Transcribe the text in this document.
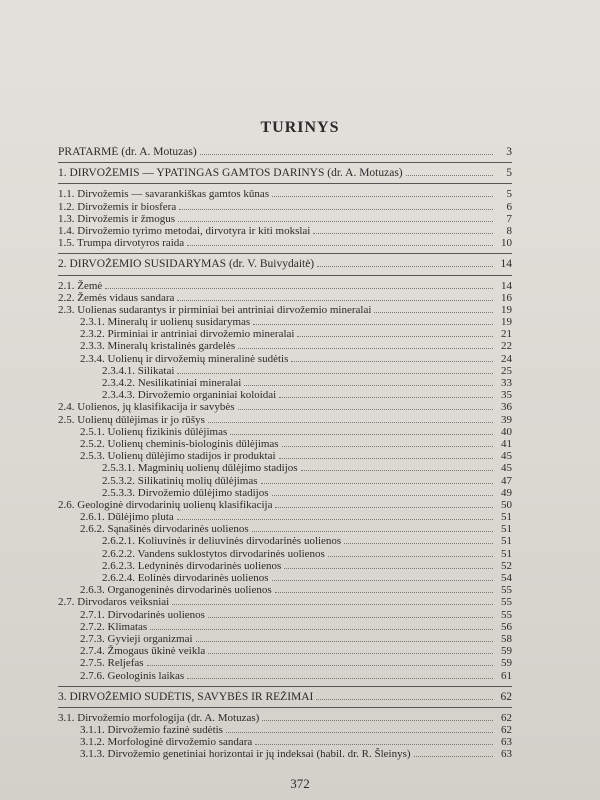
TURINYS
PRATARMĖ (dr. A. Motuzas)	3
1. DIRVOŽEMIS — YPATINGAS GAMTOS DARINYS (dr. A. Motuzas)	5
1.1. Dirvožemis — savarankiškas gamtos kūnas	5
1.2. Dirvožemis ir biosfera	6
1.3. Dirvožemis ir žmogus	7
1.4. Dirvožemio tyrimo metodai, dirvotyra ir kiti mokslai	8
1.5. Trumpa dirvotyros raida	10
2. DIRVOŽEMIO SUSIDARYMAS (dr. V. Buivydaitė)	14
2.1. Žemė	14
2.2. Žemės vidaus sandara	16
2.3. Uolienas sudarantys ir pirminiai bei antriniai dirvožemio mineralai	19
2.3.1. Mineralų ir uolienų susidarymas	19
2.3.2. Pirminiai ir antriniai dirvožemio mineralai	21
2.3.3. Mineralų kristalinės gardelės	22
2.3.4. Uolienų ir dirvožemių mineralinė sudėtis	24
2.3.4.1. Silikatai	25
2.3.4.2. Nesilikatiniai mineralai	33
2.3.4.3. Dirvožemio organiniai koloidai	35
2.4. Uolienos, jų klasifikacija ir savybės	36
2.5. Uolienų dūlėjimas ir jo rūšys	39
2.5.1. Uolienų fizikinis dūlėjimas	40
2.5.2. Uolienų cheminis-biologinis dūlėjimas	41
2.5.3. Uolienų dūlėjimo stadijos ir produktai	45
2.5.3.1. Magminių uolienų dūlėjimo stadijos	45
2.5.3.2. Silikatinių molių dūlėjimas	47
2.5.3.3. Dirvožemio dūlėjimo stadijos	49
2.6. Geologinė dirvodarinių uolienų klasifikacija	50
2.6.1. Dūlėjimo pluta	51
2.6.2. Sąnašinės dirvodarinės uolienos	51
2.6.2.1. Koliuvinės ir deliuvinės dirvodarinės uolienos	51
2.6.2.2. Vandens suklostytos dirvodarinės uolienos	51
2.6.2.3. Ledyninės dirvodarinės uolienos	52
2.6.2.4. Eolinės dirvodarinės uolienos	54
2.6.3. Organogeninės dirvodarinės uolienos	55
2.7. Dirvodaros veiksniai	55
2.7.1. Dirvodarinės uolienos	55
2.7.2. Klimatas	56
2.7.3. Gyvieji organizmai	58
2.7.4. Žmogaus ūkinė veikla	59
2.7.5. Reljefas	59
2.7.6. Geologinis laikas	61
3. DIRVOŽEMIO SUDĖTIS, SAVYBĖS IR REŽIMAI	62
3.1. Dirvožemio morfologija (dr. A. Motuzas)	62
3.1.1. Dirvožemio fazinė sudėtis	62
3.1.2. Morfologinė dirvožemio sandara	63
3.1.3. Dirvožemio genetiniai horizontai ir jų indeksai (habil. dr. R. Šleinys)	63
372
